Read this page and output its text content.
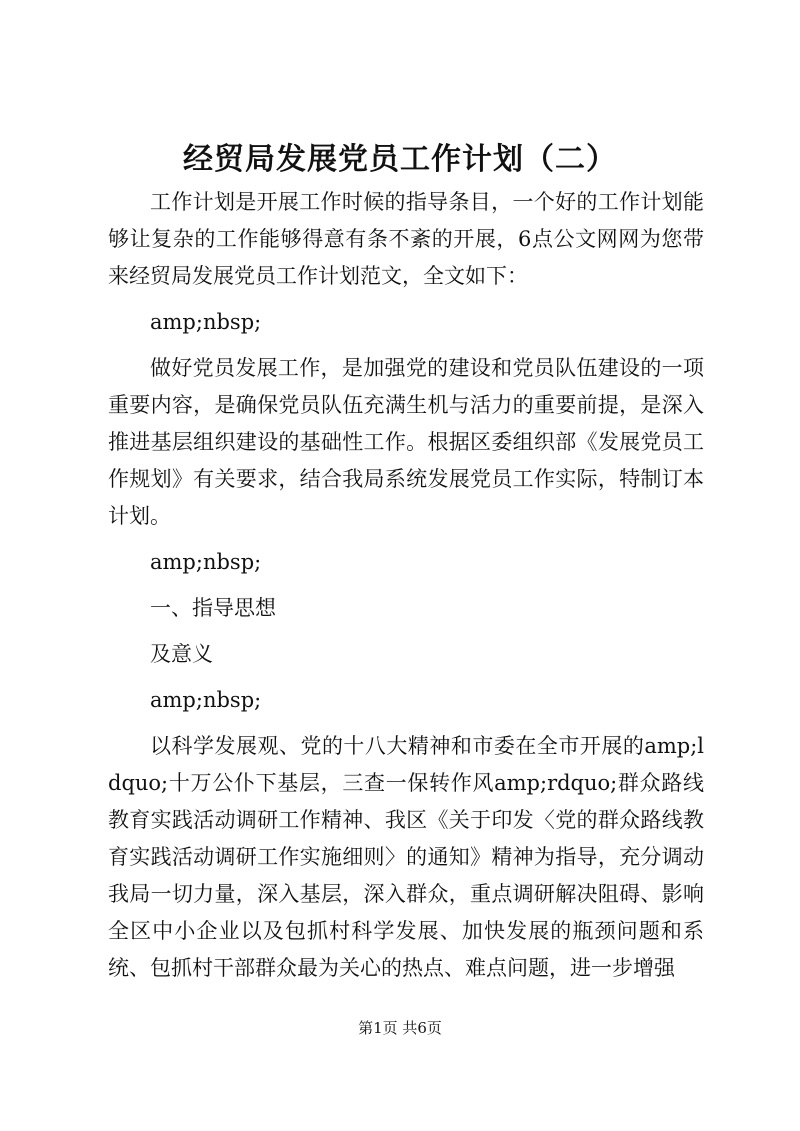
经贸局发展党员工作计划（二）

工作计划是开展工作时候的指导条目，一个好的工作计划能够让复杂的工作能够得意有条不紊的开展，6点公文网网为您带来经贸局发展党员工作计划范文，全文如下：

amp;nbsp;

做好党员发展工作，是加强党的建设和党员队伍建设的一项重要内容，是确保党员队伍充满生机与活力的重要前提，是深入推进基层组织建设的基础性工作。根据区委组织部《发展党员工作规划》有关要求，结合我局系统发展党员工作实际，特制订本计划。

amp;nbsp;

一、指导思想

及意义

amp;nbsp;

以科学发展观、党的十八大精神和市委在全市开展的amp;ldquo;十万公仆下基层，三查一保转作风amp;rdquo;群众路线教育实践活动调研工作精神、我区《关于印发〈党的群众路线教育实践活动调研工作实施细则〉的通知》精神为指导，充分调动我局一切力量，深入基层，深入群众，重点调研解决阻碍、影响全区中小企业以及包抓村科学发展、加快发展的瓶颈问题和系统、包抓村干部群众最为关心的热点、难点问题，进一步增强

第1页 共6页
